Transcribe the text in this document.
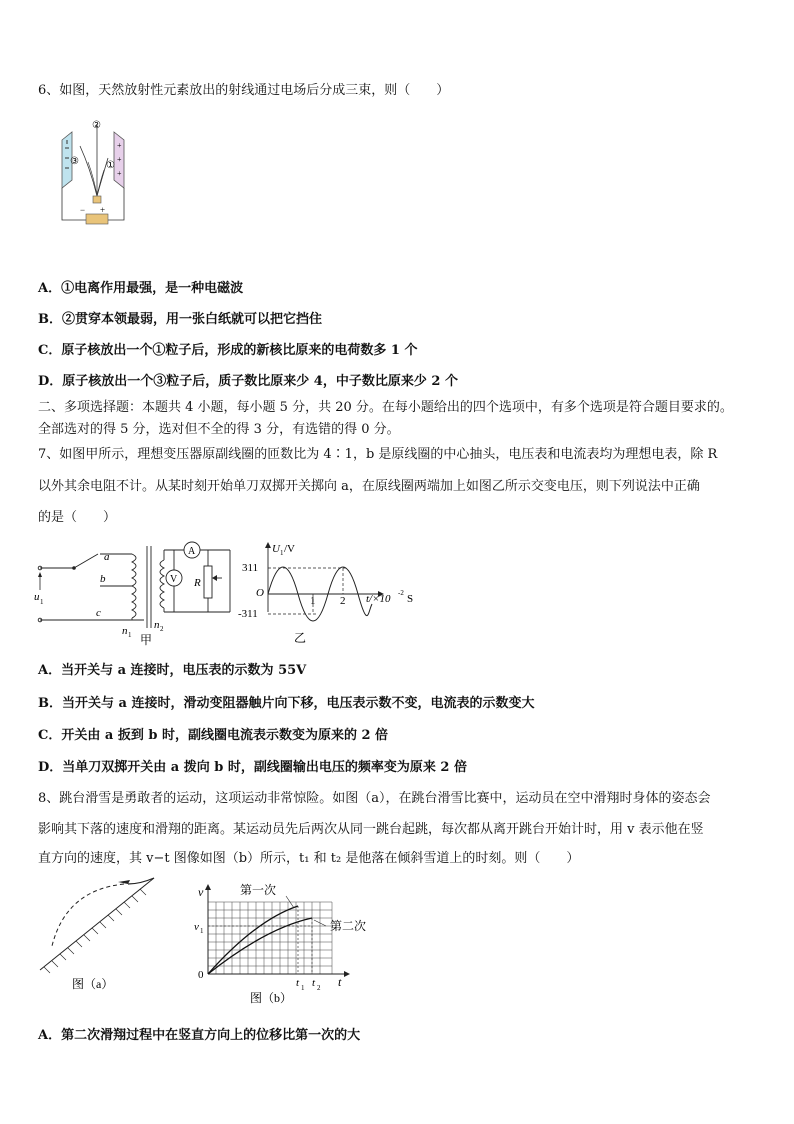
6、如图，天然放射性元素放出的射线通过电场后分成三束，则（　　）
+
+
+
− +
②
①
③
A．①电离作用最强，是一种电磁波
B．②贯穿本领最弱，用一张白纸就可以把它挡住
C．原子核放出一个①粒子后，形成的新核比原来的电荷数多 1 个
D．原子核放出一个③粒子后，质子数比原来少 4，中子数比原来少 2 个
二、多项选择题：本题共 4 小题，每小题 5 分，共 20 分。在每小题给出的四个选项中，有多个选项是符合题目要求的。
全部选对的得 5 分，选对但不全的得 3 分，有选错的得 0 分。
7、如图甲所示，理想变压器原副线圈的匝数比为 4∶1，b 是原线圈的中心抽头，电压表和电流表均为理想电表，除 R
以外其余电阻不计。从某时刻开始单刀双掷开关掷向 a，在原线圈两端加上如图乙所示交变电压，则下列说法中正确
的是（　　）
a
b
c
u 1
n 1
n 2
A
V R
甲
U 1 /V
311
-311
O
1 2 t/×10 -2 S
乙
A．当开关与 a 连接时，电压表的示数为 55V
B．当开关与 a 连接时，滑动变阻器触片向下移，电压表示数不变，电流表的示数变大
C．开关由 a 扳到 b 时，副线圈电流表示数变为原来的 2 倍
D．当单刀双掷开关由 a 拨向 b 时，副线圈输出电压的频率变为原来 2 倍
8、跳台滑雪是勇敢者的运动，这项运动非常惊险。如图（a），在跳台滑雪比赛中，运动员在空中滑翔时身体的姿态会
影响其下落的速度和滑翔的距离。某运动员先后两次从同一跳台起跳，每次都从离开跳台开始计时，用 v 表示他在竖
直方向的速度，其 v−t 图像如图（b）所示，t₁ 和 t₂ 是他落在倾斜雪道上的时刻。则（　　）
图（a）
v
v 1
0
第一次
第二次
t 1 t 2 t
图（b）
A．第二次滑翔过程中在竖直方向上的位移比第一次的大
